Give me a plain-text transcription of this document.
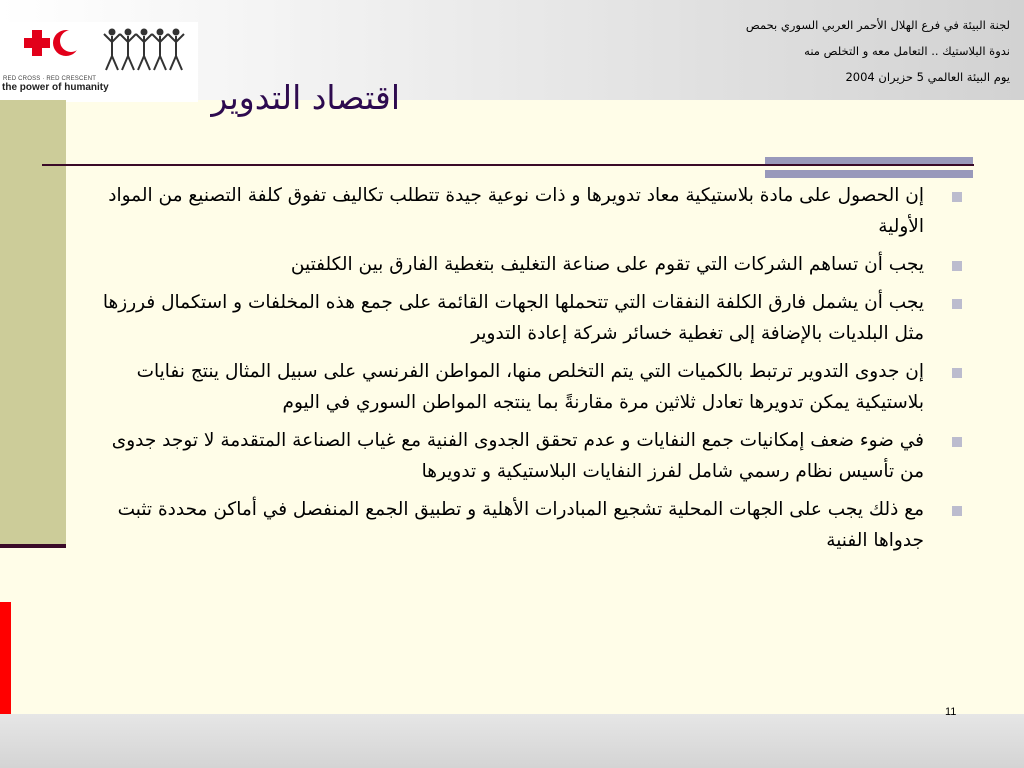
RED CROSS · RED CRESCENT
the power of humanity
لجنة البيئة في فرع الهلال الأحمر العربي السوري بحمص
ندوة البلاستيك .. التعامل معه و التخلص منه
يوم البيئة العالمي 5 حزيران 2004
اقتصاد التدوير
إن الحصول على مادة بلاستيكية معاد تدويرها و ذات نوعية جيدة تتطلب تكاليف تفوق كلفة التصنيع من المواد الأولية
يجب أن تساهم الشركات التي تقوم على صناعة التغليف بتغطية الفارق بين الكلفتين
يجب أن يشمل فارق الكلفة النفقات التي تتحملها الجهات القائمة على جمع هذه المخلفات و استكمال فررزها مثل البلديات بالإضافة إلى تغطية خسائر شركة إعادة التدوير
إن جدوى التدوير ترتبط بالكميات التي يتم التخلص منها، المواطن الفرنسي على سبيل المثال ينتج نفايات بلاستيكية يمكن تدويرها تعادل ثلاثين مرة مقارنةً بما ينتجه المواطن السوري في اليوم
في ضوء ضعف إمكانيات جمع النفايات و عدم تحقق الجدوى الفنية مع غياب الصناعة المتقدمة لا توجد جدوى من تأسيس نظام رسمي شامل لفرز النفايات البلاستيكية و تدويرها
مع ذلك يجب على الجهات المحلية تشجيع المبادرات الأهلية و تطبيق الجمع المنفصل في أماكن محددة تثبت جدواها الفنية
11
